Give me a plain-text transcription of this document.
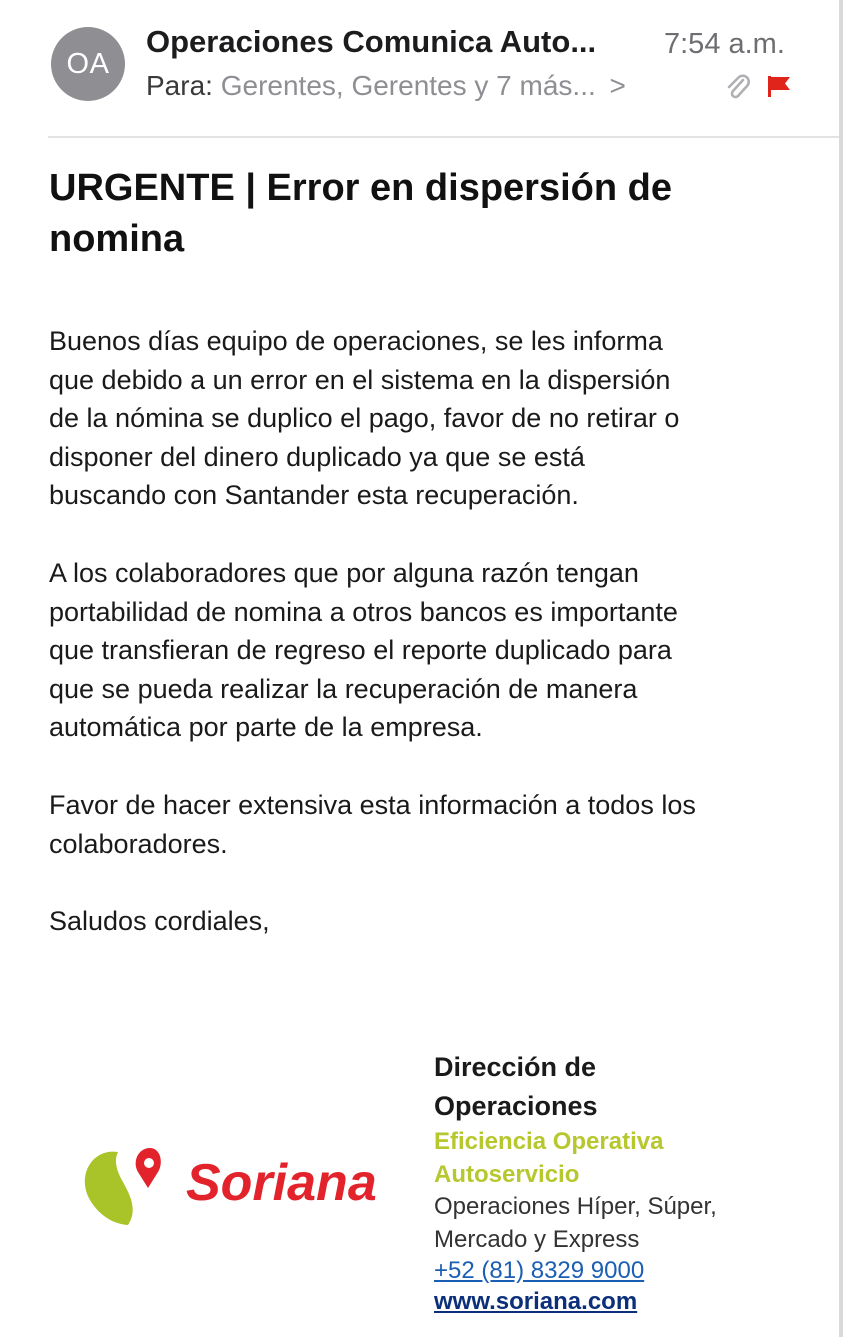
OA
Operaciones Comunica Auto... 7:54 a.m.
Para: Gerentes, Gerentes y 7 más... >
URGENTE | Error en dispersión de
nomina
Buenos días equipo de operaciones, se les informa
que debido a un error en el sistema en la dispersión
de la nómina se duplico el pago, favor de no retirar o
disponer del dinero duplicado ya que se está
buscando con Santander esta recuperación.
A los colaboradores que por alguna razón tengan
portabilidad de nomina a otros bancos es importante
que transfieran de regreso el reporte duplicado para
que se pueda realizar la recuperación de manera
automática por parte de la empresa.
Favor de hacer extensiva esta información a todos los
colaboradores.
Saludos cordiales,
Soriana
Dirección de
Operaciones
Eficiencia Operativa
Autoservicio
Operaciones Híper, Súper,
Mercado y Express
+52 (81) 8329 9000
www.soriana.com
